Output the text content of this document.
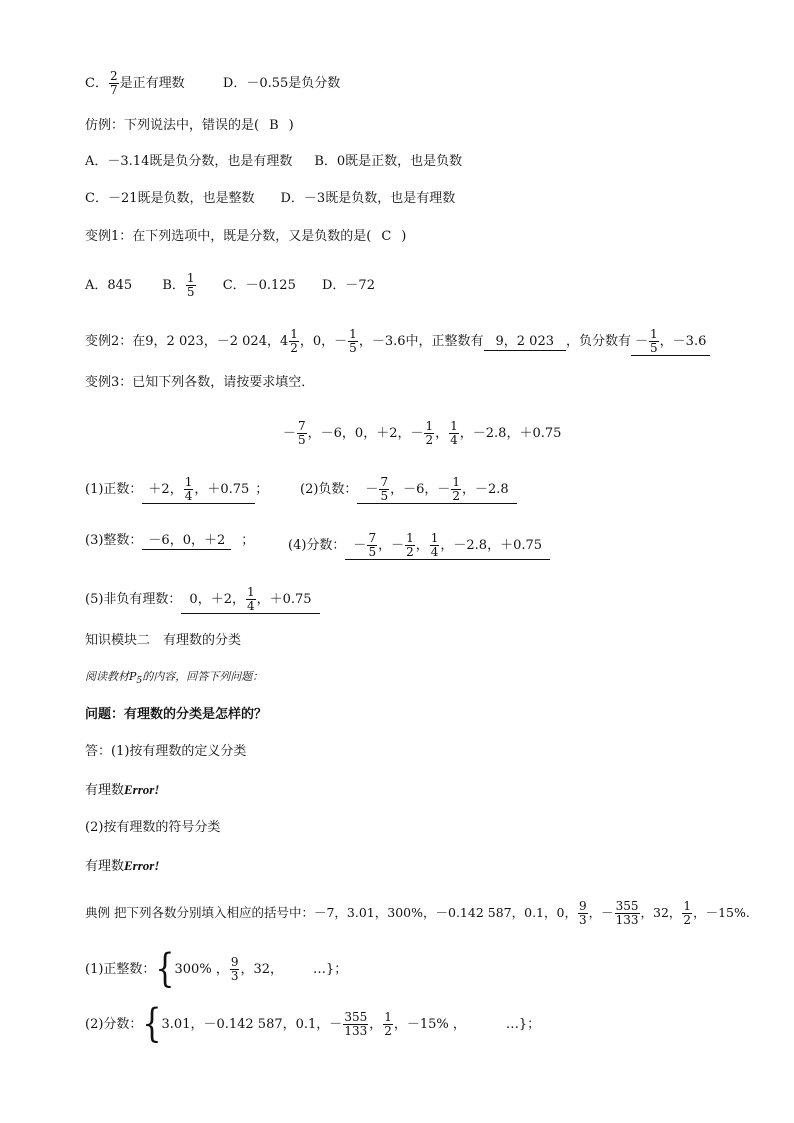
C． $\frac{2}{7}$ 是正有理数	D．－0.55是负分数
仿例：下列说法中，错误的是( B )
A．－3.14既是负分数，也是有理数 B．0既是正数，也是负数
C．－21既是负数，也是整数 D．－3既是负数，也是有理数
变例1：在下列选项中，既是分数，又是负数的是( C )
A．845 B． $\frac{1}{5}$ C．－0.125 D．－72
变例2：在9，2 023，－2 024，$4 \frac{1}{2}$ ，0，－ $\frac{1}{5}$ ，－3.6中，正整数有 9，2 023 ，负分数有 － $\frac{1}{5}$ ，－3.6
变例3：已知下列各数，请按要求填空．
－ $\frac{7}{5}$ ，－6，0，＋2，－ $\frac{1}{2}$ ， $\frac{1}{4}$ ，－2.8，＋0.75
(1)正数： ＋2， $\frac{1}{4}$ ，＋0.75 ； (2)负数： － $\frac{7}{5}$ ，－6，－ $\frac{1}{2}$ ，－2.8
(3)整数： －6，0，＋2 ；	(4)分数： － $\frac{7}{5}$ ，－ $\frac{1}{2}$ ， $\frac{1}{4}$ ，－2.8，＋0.75
(5)非负有理数： 0，＋2， $\frac{1}{4}$ ，＋0.75
知识模块二　有理数的分类
阅读教材$P_5$的内容，回答下列问题：
问题：有理数的分类是怎样的？
答：(1)按有理数的定义分类
有理数Error!
(2)按有理数的符号分类
有理数Error!
典例 把下列各数分别填入相应的括号中：－7，3.01，300%，－0.142 587，0.1，0， $\frac{9}{3}$ ，－ $\frac{355}{133}$ ，32， $\frac{1}{2}$ ，－15%.
(1)正整数：{300% ， $\frac{9}{3}$ ，32， …}；
(2)分数：{3.01，－0.142 587，0.1，－ $\frac{355}{133}$ ， $\frac{1}{2}$ ，－15% ，	…}；
